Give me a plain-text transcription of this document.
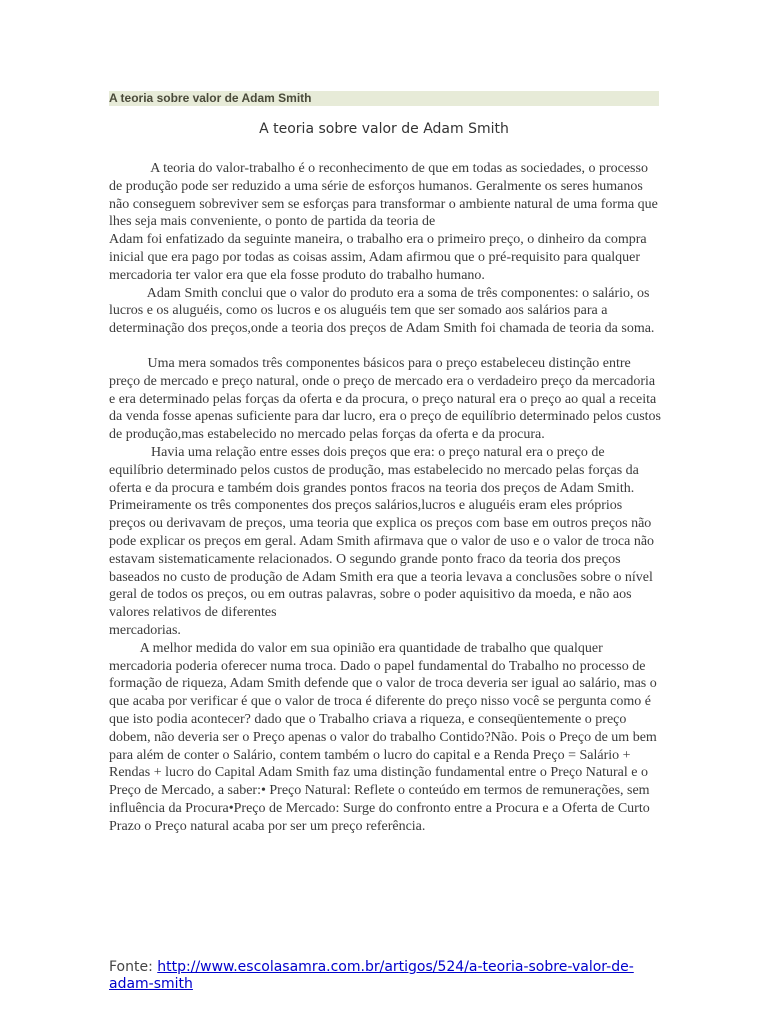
A teoria sobre valor de Adam Smith
A teoria sobre valor de Adam Smith

A teoria do valor-trabalho é o reconhecimento de que em todas as sociedades, o processo de produção pode ser reduzido a uma série de esforços humanos. Geralmente os seres humanos não conseguem sobreviver sem se esforças para transformar o ambiente natural de uma forma que lhes seja mais conveniente, o ponto de partida da teoria de

Adam foi enfatizado da seguinte maneira, o trabalho era o primeiro preço, o dinheiro da compra inicial que era pago por todas as coisas assim, Adam afirmou que o pré-requisito para qualquer mercadoria ter valor era que ela fosse produto do trabalho humano.

Adam Smith conclui que o valor do produto era a soma de três componentes: o salário, os lucros e os aluguéis, como os lucros e os aluguéis tem que ser somado aos salários para a determinação dos preços,onde a teoria dos preços de Adam Smith foi chamada de teoria da soma.

Uma mera somados três componentes básicos para o preço estabeleceu distinção entre preço de mercado e preço natural, onde o preço de mercado era o verdadeiro preço da mercadoria e era determinado pelas forças da oferta e da procura, o preço natural era o preço ao qual a receita da venda fosse apenas suficiente para dar lucro, era o preço de equilíbrio determinado pelos custos de produção,mas estabelecido no mercado pelas forças da oferta e da procura.

Havia uma relação entre esses dois preços que era: o preço natural era o preço de equilíbrio determinado pelos custos de produção, mas estabelecido no mercado pelas forças da oferta e da procura e também dois grandes pontos fracos na teoria dos preços de Adam Smith. Primeiramente os três componentes dos preços salários,lucros e aluguéis eram eles próprios preços ou derivavam de preços, uma teoria que explica os preços com base em outros preços não pode explicar os preços em geral. Adam Smith afirmava que o valor de uso e o valor de troca não estavam sistematicamente relacionados. O segundo grande ponto fraco da teoria dos preços baseados no custo de produção de Adam Smith era que a teoria levava a conclusões sobre o nível geral de todos os preços, ou em outras palavras, sobre o poder aquisitivo da moeda, e não aos valores relativos de diferentes

mercadorias.

A melhor medida do valor em sua opinião era quantidade de trabalho que qualquer mercadoria poderia oferecer numa troca. Dado o papel fundamental do Trabalho no processo de formação de riqueza, Adam Smith defende que o valor de troca deveria ser igual ao salário, mas o que acaba por verificar é que o valor de troca é diferente do preço nisso você se pergunta como é que isto podia acontecer? dado que o Trabalho criava a riqueza, e conseqüentemente o preço dobem, não deveria ser o Preço apenas o valor do trabalho Contido?Não. Pois o Preço de um bem para além de conter o Salário, contem também o lucro do capital e a Renda Preço = Salário + Rendas + lucro do Capital Adam Smith faz uma distinção fundamental entre o Preço Natural e o Preço de Mercado, a saber:• Preço Natural: Reflete o conteúdo em termos de remunerações, sem influência da Procura•Preço de Mercado: Surge do confronto entre a Procura e a Oferta de Curto Prazo o Preço natural acaba por ser um preço referência.

Fonte: http://www.escolasamra.com.br/artigos/524/a-teoria-sobre-valor-de-adam-smith
